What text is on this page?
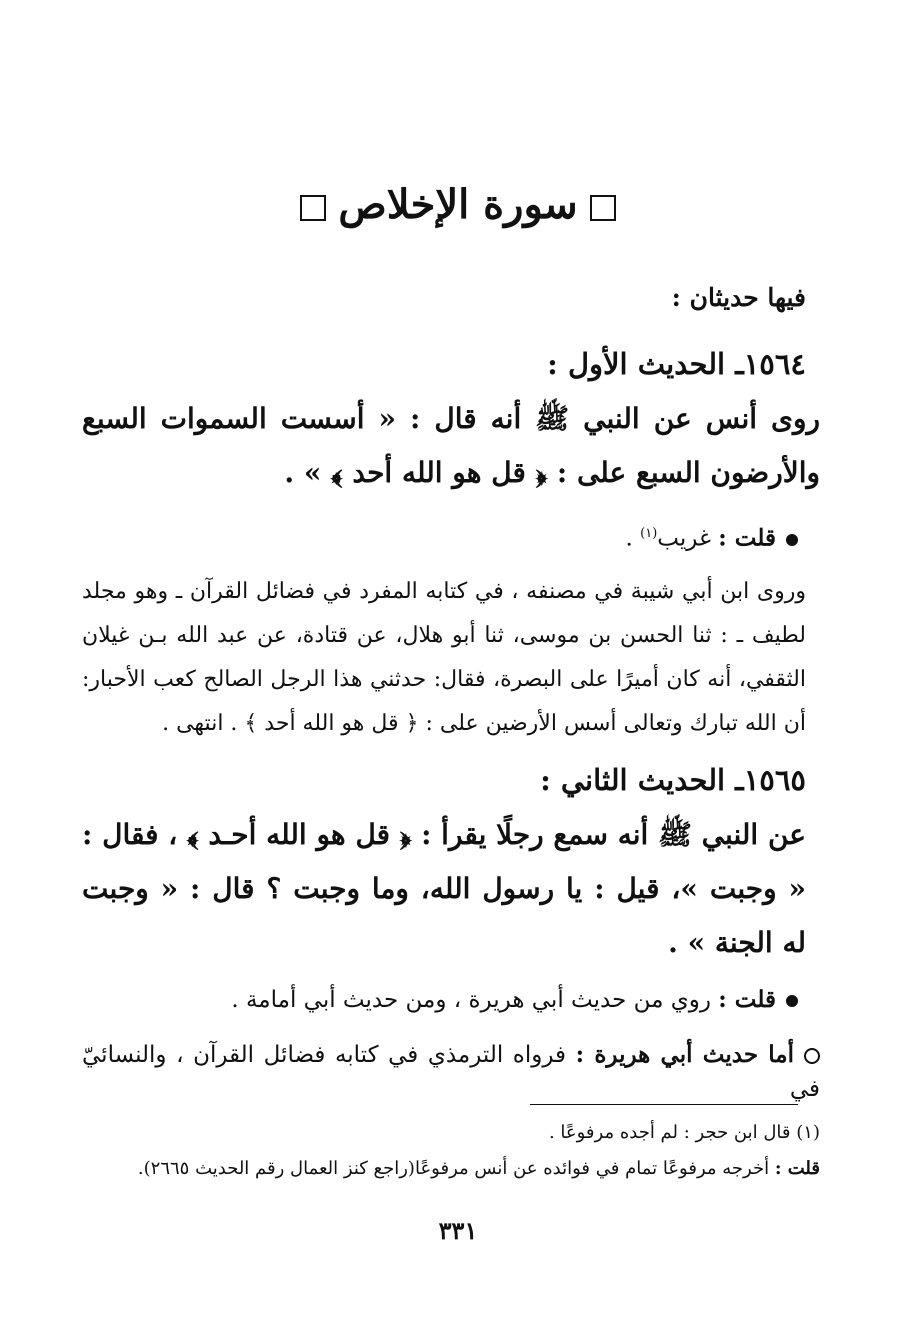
سورة الإخلاص
فيها حديثان :
١٥٦٤ـ الحديث الأول :
روى أنس عن النبي ﷺ أنه قال : « أسست السموات السبع والأرضون السبع على : ﴿ قل هو الله أحد ﴾ » .
قلت : غريب$^{(١)}$ .
وروى ابن أبي شيبة في مصنفه ، في كتابه المفرد في فضائل القرآن ـ وهو مجلد لطيف ـ : ثنا الحسن بن موسى، ثنا أبو هلال، عن قتادة، عن عبد الله بـن غيلان الثقفي، أنه كان أميرًا على البصرة، فقال: حدثني هذا الرجل الصالح كعب الأحبار: أن الله تبارك وتعالى أسس الأرضين على : ﴿ قل هو الله أحد ﴾ . انتهى .
١٥٦٥ـ الحديث الثاني :
عن النبي ﷺ أنه سمع رجلًا يقرأ : ﴿ قل هو الله أحـد ﴾ ، فقال : « وجبت »، قيل : يا رسول الله، وما وجبت ؟ قال : « وجبت له الجنة » .
قلت : روي من حديث أبي هريرة ، ومن حديث أبي أمامة .
أما حديث أبي هريرة : فرواه الترمذي في كتابه فضائل القرآن ، والنسائيّ في
(١) قال ابن حجر : لم أجده مرفوعًا .
قلت : أخرجه مرفوعًا تمام في فوائده عن أنس مرفوعًا(راجع كنز العمال رقم الحديث ٢٦٦٥).
٣٣١
